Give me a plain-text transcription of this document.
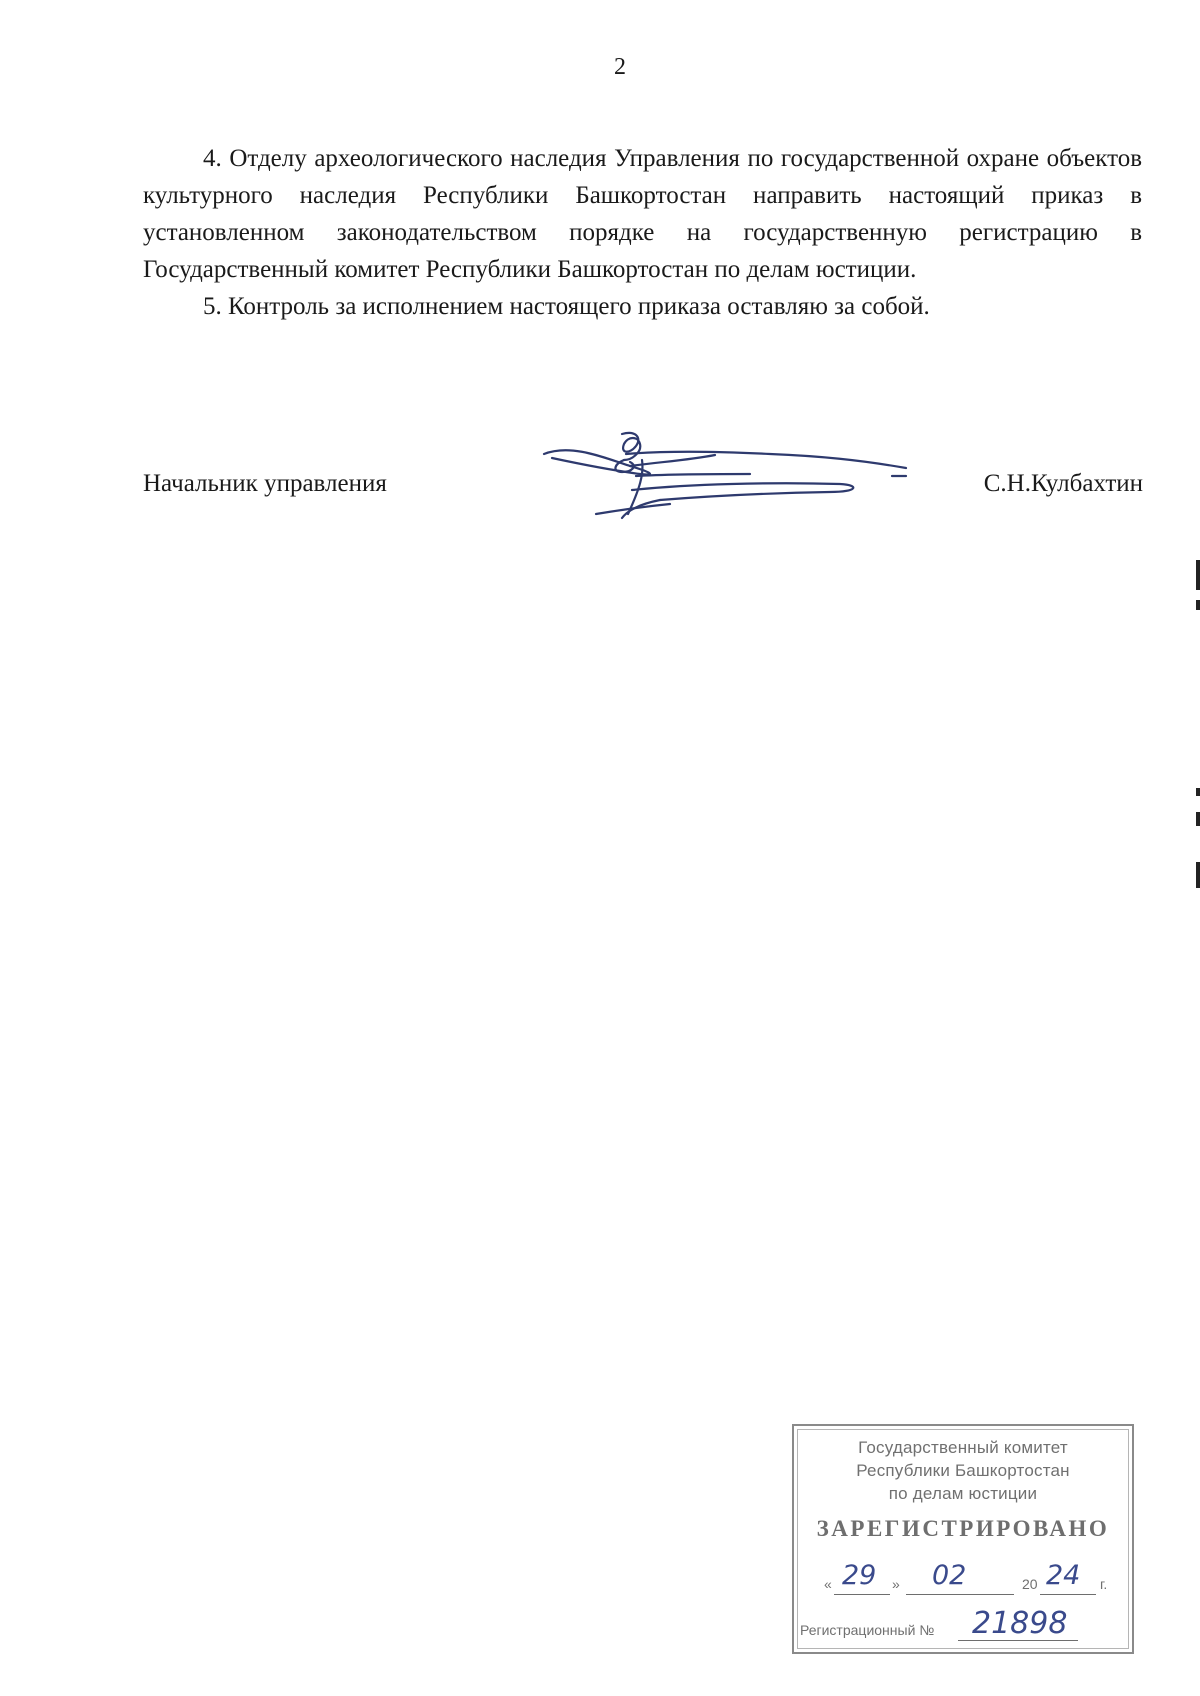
2

4. Отделу археологического наследия Управления по государственной охране объектов культурного наследия Республики Башкортостан направить настоящий приказ в установленном законодательством порядке на государственную регистрацию в Государственный комитет Республики Башкортостан по делам юстиции.

5. Контроль за исполнением настоящего приказа оставляю за собой.

Начальник управления	С.Н.Кулбахтин
Государственный комитет
Республики Башкортостан
по делам юстиции
ЗАРЕГИСТРИРОВАНО
« 29 » 02	20 24 г.
Регистрационный № 21898
